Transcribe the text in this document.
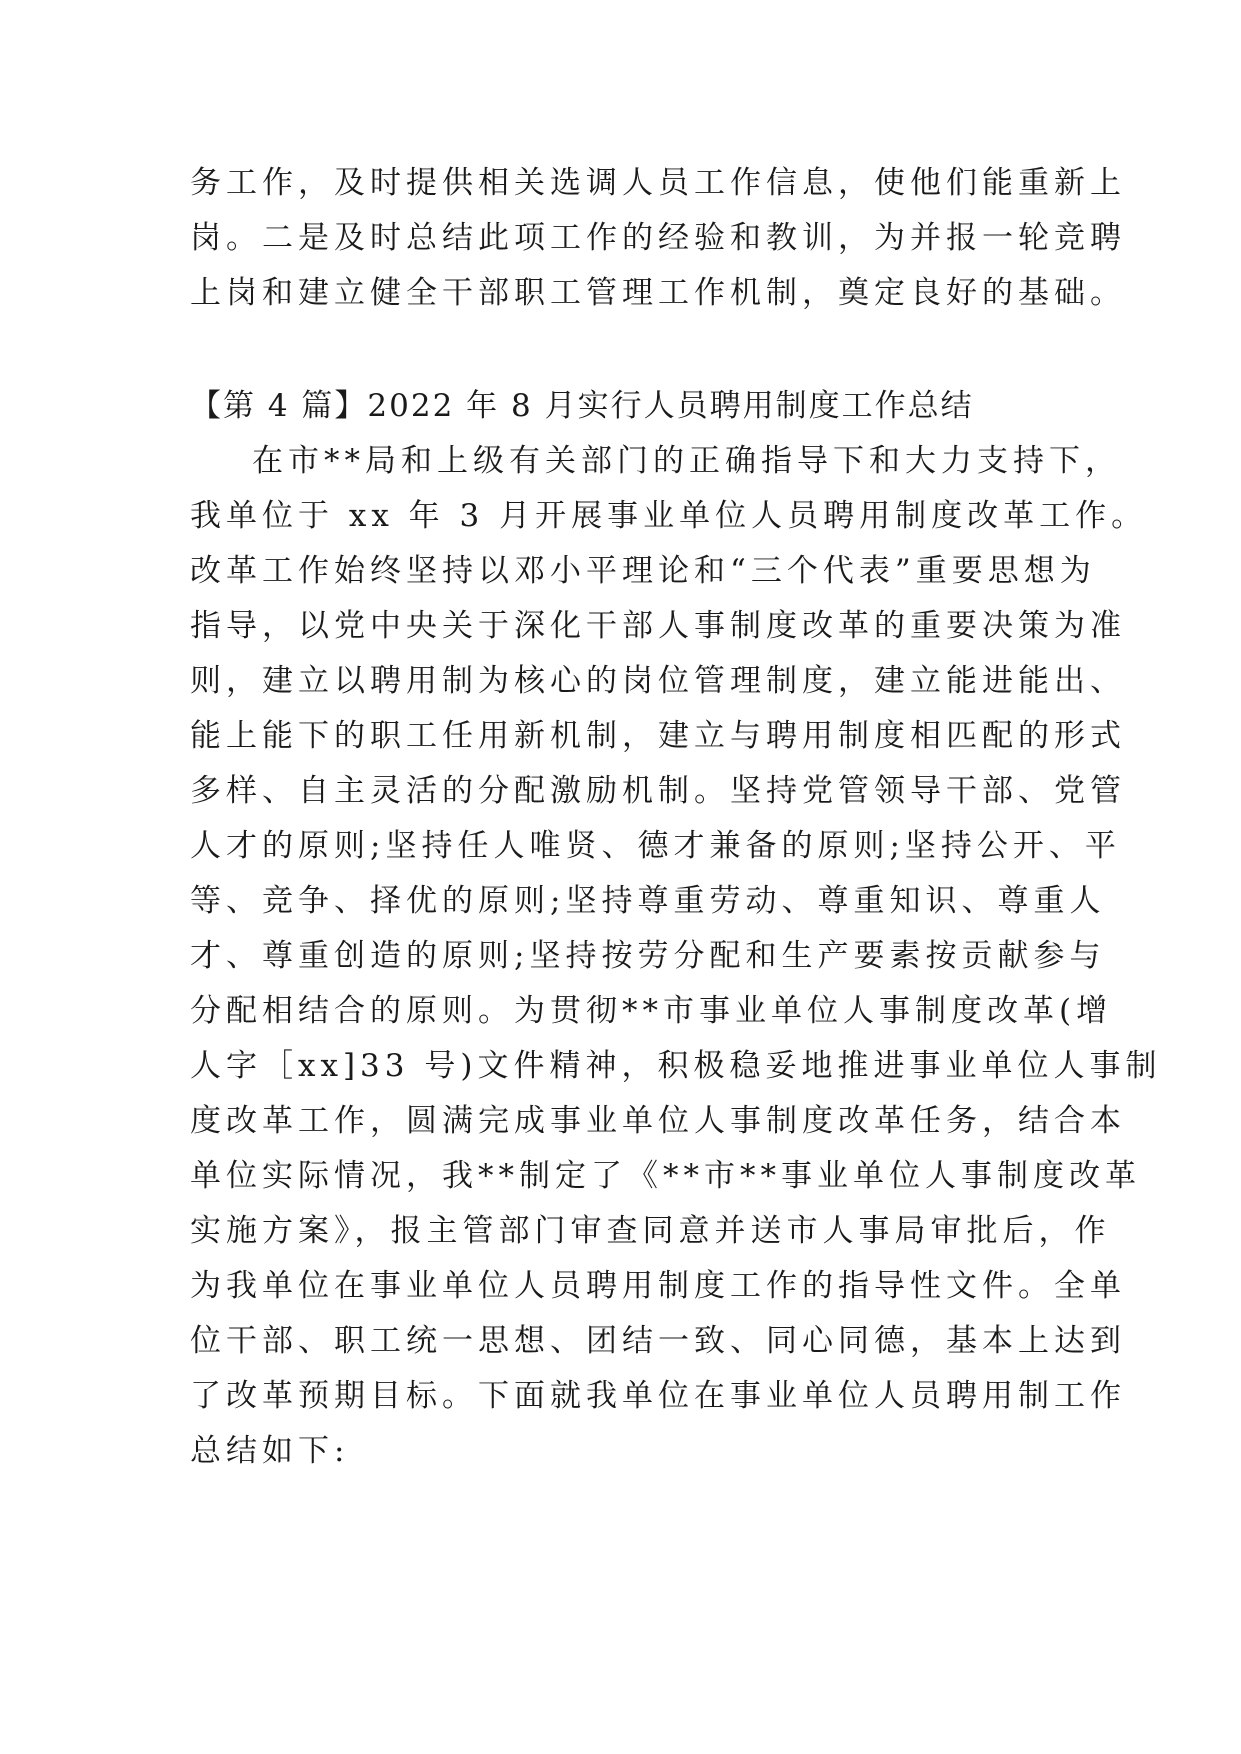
务工作，及时提供相关选调人员工作信息，使他们能重新上
岗。二是及时总结此项工作的经验和教训，为并报一轮竞聘
上岗和建立健全干部职工管理工作机制，奠定良好的基础。
【第 4 篇】2022 年 8 月实行人员聘用制度工作总结
在市**局和上级有关部门的正确指导下和大力支持下，
我单位于 xx 年 3 月开展事业单位人员聘用制度改革工作。
改革工作始终坚持以邓小平理论和“三个代表”重要思想为
指导，以党中央关于深化干部人事制度改革的重要决策为准
则，建立以聘用制为核心的岗位管理制度，建立能进能出、
能上能下的职工任用新机制，建立与聘用制度相匹配的形式
多样、自主灵活的分配激励机制。坚持党管领导干部、党管
人才的原则;坚持任人唯贤、德才兼备的原则;坚持公开、平
等、竞争、择优的原则;坚持尊重劳动、尊重知识、尊重人
才、尊重创造的原则;坚持按劳分配和生产要素按贡献参与
分配相结合的原则。为贯彻**市事业单位人事制度改革(增
人字［xx]33 号)文件精神，积极稳妥地推进事业单位人事制
度改革工作，圆满完成事业单位人事制度改革任务，结合本
单位实际情况，我**制定了《**市**事业单位人事制度改革
实施方案》，报主管部门审查同意并送市人事局审批后，作
为我单位在事业单位人员聘用制度工作的指导性文件。全单
位干部、职工统一思想、团结一致、同心同德，基本上达到
了改革预期目标。下面就我单位在事业单位人员聘用制工作
总结如下:
